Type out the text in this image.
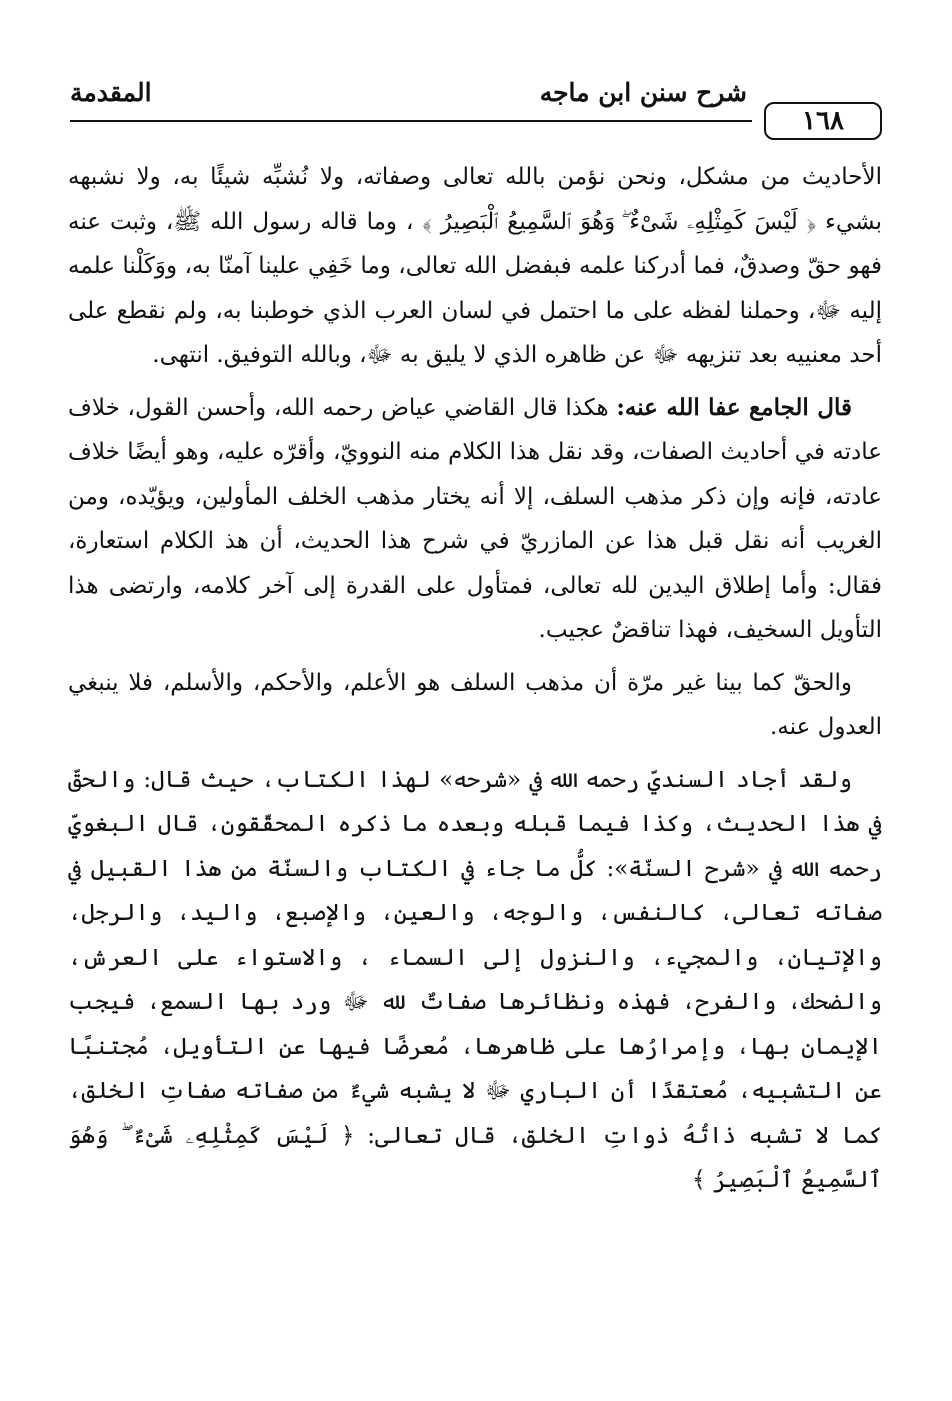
المقدمة	شرح سنن ابن ماجه
١٦٨

الأحاديث من مشكل، ونحن نؤمن بالله تعالى وصفاته، ولا نُشبِّه شيئًا به، ولا نشبهه بشيء ﴿ لَيْسَ كَمِثْلِهِۦ شَىْءٌ ۖ وَهُوَ ٱلسَّمِيعُ ٱلْبَصِيرُ ﴾ ، وما قاله رسول الله ﷺ، وثبت عنه فهو حقّ وصدقٌ، فما أدركنا علمه فبفضل الله تعالى، وما خَفِي علينا آمنّا به، ووَكَلْنا علمه إليه ﷻ، وحملنا لفظه على ما احتمل في لسان العرب الذي خوطبنا به، ولم نقطع على أحد معنييه بعد تنزيهه ﷻ عن ظاهره الذي لا يليق به ﷻ، وبالله التوفيق. انتهى.

قال الجامع عفا الله عنه: هكذا قال القاضي عياض رحمه الله، وأحسن القول، خلاف عادته في أحاديث الصفات، وقد نقل هذا الكلام منه النوويّ، وأقرّه عليه، وهو أيضًا خلاف عادته، فإنه وإن ذكر مذهب السلف، إلا أنه يختار مذهب الخلف المأولين، ويؤيّده، ومن الغريب أنه نقل قبل هذا عن المازريّ في شرح هذا الحديث، أن هذ الكلام استعارة، فقال: وأما إطلاق اليدين لله تعالى، فمتأول على القدرة إلى آخر كلامه، وارتضى هذا التأويل السخيف، فهذا تناقضٌ عجيب.

والحقّ كما بينا غير مرّة أن مذهب السلف هو الأعلم، والأحكم، والأسلم، فلا ينبغي العدول عنه.

ولقد أجاد السنديّ رحمه الله في «شرحه» لهذا الكتاب، حيث قال: والحقّ في هذا الحديث، وكذا فيما قبله وبعده ما ذكره المحقّقون، قال البغويّ رحمه الله في «شرح السنّة»: كلُّ ما جاء في الكتاب والسنّة من هذا القبيل في صفاته تعالى، كالنفس، والوجه، والعين، والإصبع، واليد، والرجل، والإتيان، والمجيء، والنزول إلى السماء ، والاستواء على العرش، والضحك، والفرح، فهذه ونظائرها صفاتٌ لله ﷻ ورد بها السمع، فيجب الإيمان بها، وإمرارُها على ظاهرها، مُعرضًا فيها عن التأويل، مُجتنبًا عن التشبيه، مُعتقدًا أن الباري ﷻ لا يشبه شيءٌ من صفاته صفاتِ الخلق، كما لا تشبه ذاتُهُ ذواتِ الخلق، قال تعالى: ﴿ لَيْسَ كَمِثْلِهِۦ شَىْءٌ ۖ وَهُوَ ٱلسَّمِيعُ ٱلْبَصِيرُ ﴾
